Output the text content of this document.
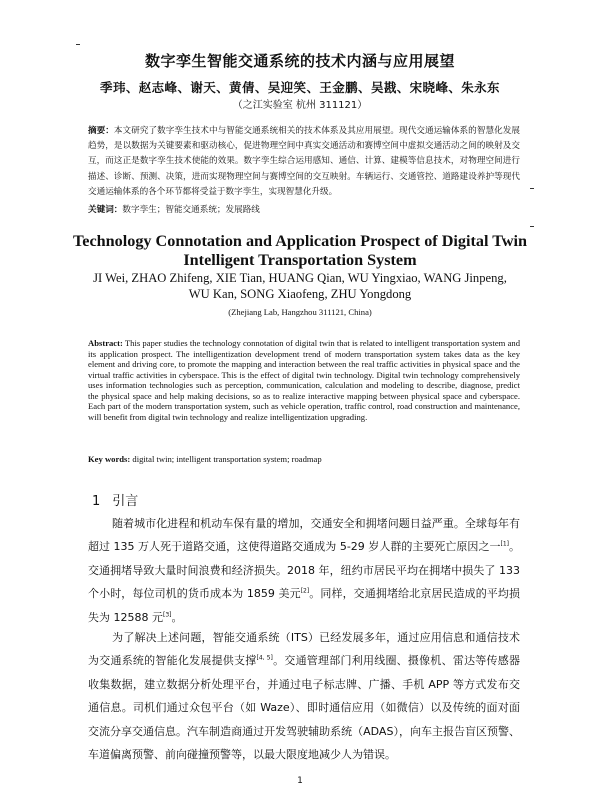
数字孪生智能交通系统的技术内涵与应用展望
季玮、赵志峰、谢天、黄倩、吴迎笑、王金鹏、吴戡、宋晓峰、朱永东
（之江实验室 杭州 311121）
摘要：本文研究了数字孪生技术中与智能交通系统相关的技术体系及其应用展望。现代交通运输体系的智慧化发展趋势，是以数据为关键要素和驱动核心，促进物理空间中真实交通活动和赛博空间中虚拟交通活动之间的映射及交互，而这正是数字孪生技术使能的效果。数字孪生综合运用感知、通信、计算、建模等信息技术，对物理空间进行描述、诊断、预测、决策，进而实现物理空间与赛博空间的交互映射。车辆运行、交通管控、道路建设养护等现代交通运输体系的各个环节都将受益于数字孪生，实现智慧化升级。
关键词：数字孪生；智能交通系统；发展路线
Technology Connotation and Application Prospect of Digital Twin
Intelligent Transportation System
JI Wei, ZHAO Zhifeng, XIE Tian, HUANG Qian, WU Yingxiao, WANG Jinpeng,
WU Kan, SONG Xiaofeng, ZHU Yongdong
(Zhejiang Lab, Hangzhou 311121, China)
Abstract: This paper studies the technology connotation of digital twin that is related to intelligent transportation system and its application prospect. The intelligentization development trend of modern transportation system takes data as the key element and driving core, to promote the mapping and interaction between the real traffic activities in physical space and the virtual traffic activities in cyberspace. This is the effect of digital twin technology. Digital twin technology comprehensively uses information technologies such as perception, communication, calculation and modeling to describe, diagnose, predict the physical space and help making decisions, so as to realize interactive mapping between physical space and cyberspace. Each part of the modern transportation system, such as vehicle operation, traffic control, road construction and maintenance, will benefit from digital twin technology and realize intelligentization upgrading.
Key words: digital twin; intelligent transportation system; roadmap
1 引言
随着城市化进程和机动车保有量的增加，交通安全和拥堵问题日益严重。全球每年有超过 135 万人死于道路交通，这使得道路交通成为 5-29 岁人群的主要死亡原因之一[1]。交通拥堵导致大量时间浪费和经济损失。2018 年，纽约市居民平均在拥堵中损失了 133 个小时，每位司机的货币成本为 1859 美元[2]。同样，交通拥堵给北京居民造成的平均损失为 12588 元[3]。
为了解决上述问题，智能交通系统（ITS）已经发展多年，通过应用信息和通信技术为交通系统的智能化发展提供支撑[4, 5]。交通管理部门利用线圈、摄像机、雷达等传感器收集数据，建立数据分析处理平台，并通过电子标志牌、广播、手机 APP 等方式发布交通信息。司机们通过众包平台（如 Waze）、即时通信应用（如微信）以及传统的面对面交流分享交通信息。汽车制造商通过开发驾驶辅助系统（ADAS），向车主报告盲区预警、车道偏离预警、前向碰撞预警等，以最大限度地减少人为错误。
1
